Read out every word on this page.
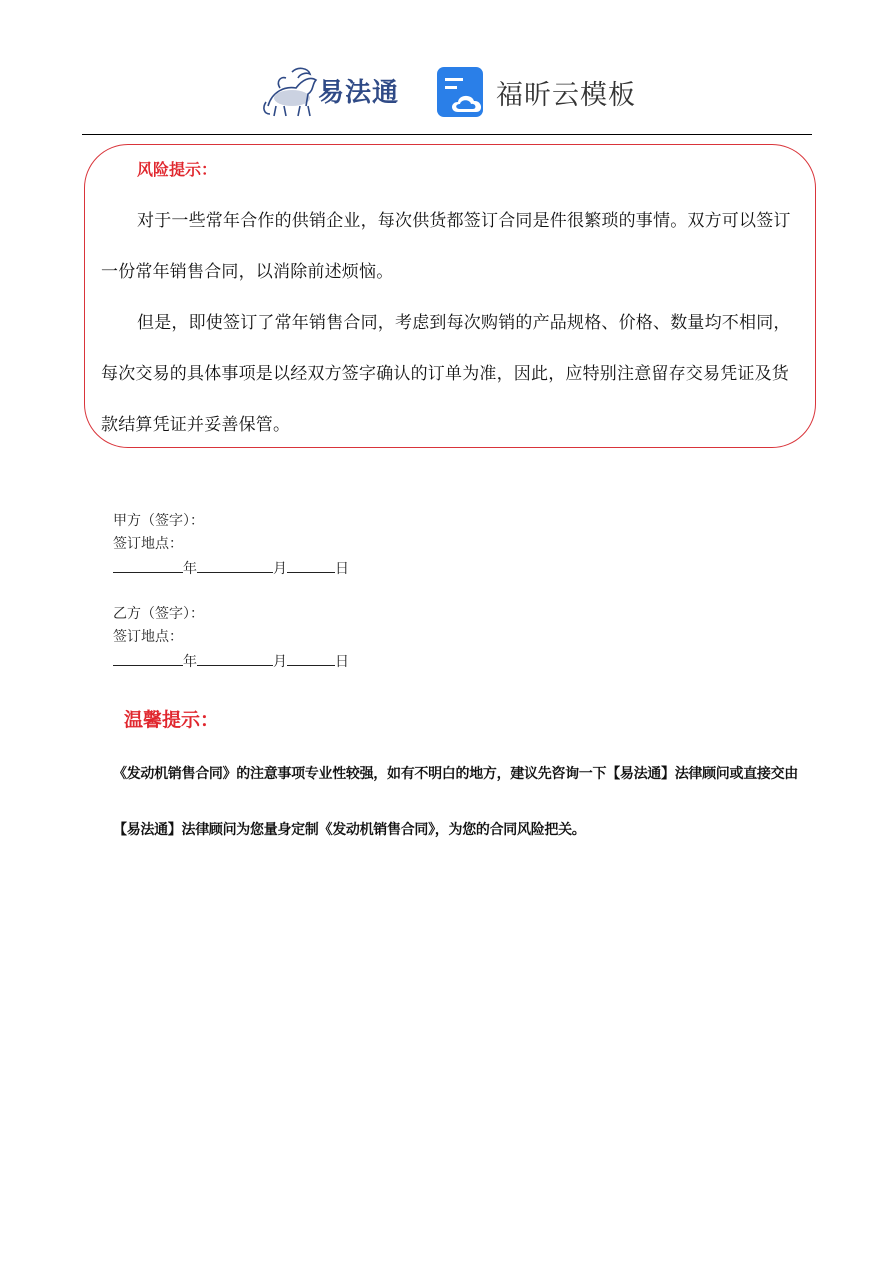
易法通	福昕云模板
风险提示：

对于一些常年合作的供销企业，每次供货都签订合同是件很繁琐的事情。双方可以签订一份常年销售合同，以消除前述烦恼。

但是，即使签订了常年销售合同，考虑到每次购销的产品规格、价格、数量均不相同，每次交易的具体事项是以经双方签字确认的订单为准，因此，应特别注意留存交易凭证及货款结算凭证并妥善保管。

甲方（签字）：
签订地点：
年	月	日
乙方（签字）：
签订地点：
年	月	日
温馨提示：

《发动机销售合同》的注意事项专业性较强，如有不明白的地方，建议先咨询一下【易法通】法律顾问或直接交由【易法通】法律顾问为您量身定制《发动机销售合同》，为您的合同风险把关。
